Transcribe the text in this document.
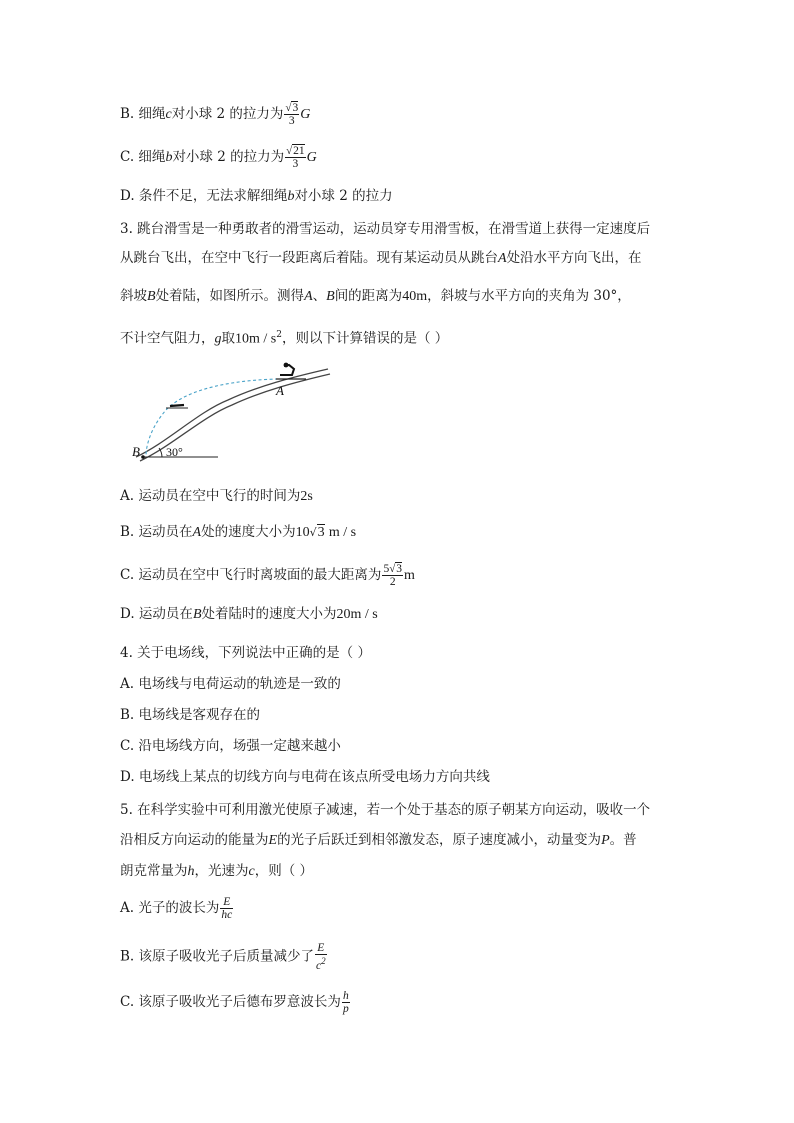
B. 细绳c对小球 2 的拉力为 $\frac{√3}{3}$ G
C. 细绳b对小球 2 的拉力为 $\frac{√21}{3}$ G
D. 条件不足，无法求解细绳b对小球 2 的拉力
3. 跳台滑雪是一种勇敢者的滑雪运动，运动员穿专用滑雪板，在滑雪道上获得一定速度后
从跳台飞出，在空中飞行一段距离后着陆。现有某运动员从跳台A处沿水平方向飞出，在
斜坡B处着陆，如图所示。测得A、B间的距离为40m，斜坡与水平方向的夹角为 30°，
不计空气阻力，g取$10m / s^2$，则以下计算错误的是（ ）
A
B 30°
A. 运动员在空中飞行的时间为2s
B. 运动员在A处的速度大小为10√3 m / s
C. 运动员在空中飞行时离坡面的最大距离为 $\frac{5√3}{2}$ m
D. 运动员在B处着陆时的速度大小为20m / s
4. 关于电场线，下列说法中正确的是（ ）
A. 电场线与电荷运动的轨迹是一致的
B. 电场线是客观存在的
C. 沿电场线方向，场强一定越来越小
D. 电场线上某点的切线方向与电荷在该点所受电场力方向共线
5. 在科学实验中可利用激光使原子减速，若一个处于基态的原子朝某方向运动，吸收一个
沿相反方向运动的能量为E的光子后跃迁到相邻激发态，原子速度减小，动量变为P。普
朗克常量为h，光速为c，则（ ）
A. 光子的波长为 $\frac{E}{hc}$
B. 该原子吸收光子后质量减少了 $\frac{E}{c^2}$
C. 该原子吸收光子后德布罗意波长为 $\frac{h}{p}$
